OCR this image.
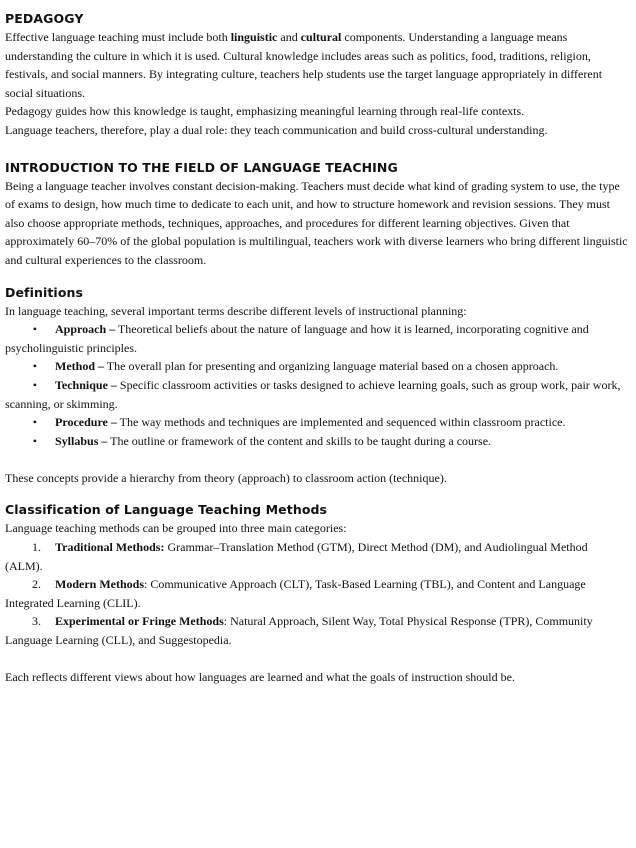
PEDAGOGY

Effective language teaching must include both linguistic and cultural components. Understanding a language means understanding the culture in which it is used. Cultural knowledge includes areas such as politics, food, traditions, religion, festivals, and social manners. By integrating culture, teachers help students use the target language appropriately in different social situations.

Pedagogy guides how this knowledge is taught, emphasizing meaningful learning through real-life contexts.

Language teachers, therefore, play a dual role: they teach communication and build cross-cultural understanding.

INTRODUCTION TO THE FIELD OF LANGUAGE TEACHING

Being a language teacher involves constant decision-making. Teachers must decide what kind of grading system to use, the type of exams to design, how much time to dedicate to each unit, and how to structure homework and revision sessions. They must also choose appropriate methods, techniques, approaches, and procedures for different learning objectives. Given that approximately 60–70% of the global population is multilingual, teachers work with diverse learners who bring different linguistic and cultural experiences to the classroom.

Definitions

In language teaching, several important terms describe different levels of instructional planning:

• Approach – Theoretical beliefs about the nature of language and how it is learned, incorporating cognitive and psycholinguistic principles.

• Method – The overall plan for presenting and organizing language material based on a chosen approach.

• Technique – Specific classroom activities or tasks designed to achieve learning goals, such as group work, pair work, scanning, or skimming.

• Procedure – The way methods and techniques are implemented and sequenced within classroom practice.

• Syllabus – The outline or framework of the content and skills to be taught during a course.

These concepts provide a hierarchy from theory (approach) to classroom action (technique).

Classification of Language Teaching Methods

Language teaching methods can be grouped into three main categories:

1. Traditional Methods: Grammar–Translation Method (GTM), Direct Method (DM), and Audiolingual Method (ALM).

2. Modern Methods: Communicative Approach (CLT), Task-Based Learning (TBL), and Content and Language Integrated Learning (CLIL).

3. Experimental or Fringe Methods: Natural Approach, Silent Way, Total Physical Response (TPR), Community Language Learning (CLL), and Suggestopedia.

Each reflects different views about how languages are learned and what the goals of instruction should be.
